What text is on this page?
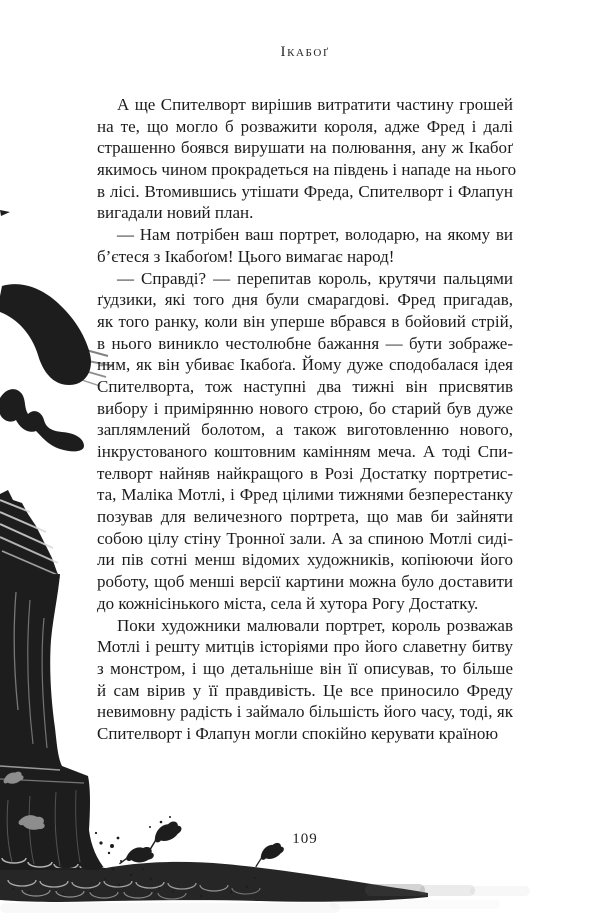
Ікабоґ
А ще Спителворт вирішив витратити частину грошей
на те, що могло б розважити короля, адже Фред і далі
страшенно боявся вирушати на полювання, ану ж Ікабоґ
якимось чином прокрадеться на південь і нападе на нього
в лісі. Втомившись утішати Фреда, Спителворт і Флапун
вигадали новий план.
— Нам потрібен ваш портрет, володарю, на якому ви
б’єтеся з Ікабоґом! Цього вимагає народ!
— Справді? — перепитав король, крутячи пальцями
ґудзики, які того дня були смарагдові. Фред пригадав,
як того ранку, коли він уперше вбрався в бойовий стрій,
в нього виникло честолюбне бажання — бути зображе-
ним, як він убиває Ікабоґа. Йому дуже сподобалася ідея
Спителворта, тож наступні два тижні він присвятив
вибору і примірянню нового строю, бо старий був дуже
заплямлений болотом, а також виготовленню нового,
інкрустованого коштовним камінням меча. А тоді Спи-
телворт найняв найкращого в Розі Достатку портретис-
та, Маліка Мотлі, і Фред цілими тижнями безперестанку
позував для величезного портрета, що мав би зайняти
собою цілу стіну Тронної зали. А за спиною Мотлі сиді-
ли пів сотні менш відомих художників, копіюючи його
роботу, щоб менші версії картини можна було доставити
до кожнісінького міста, села й хутора Рогу Достатку.
Поки художники малювали портрет, король розважав
Мотлі і решту митців історіями про його славетну битву
з монстром, і що детальніше він її описував, то більше
й сам вірив у її правдивість. Це все приносило Фреду
невимовну радість і займало більшість його часу, тоді, як
Спителворт і Флапун могли спокійно керувати країною
109
